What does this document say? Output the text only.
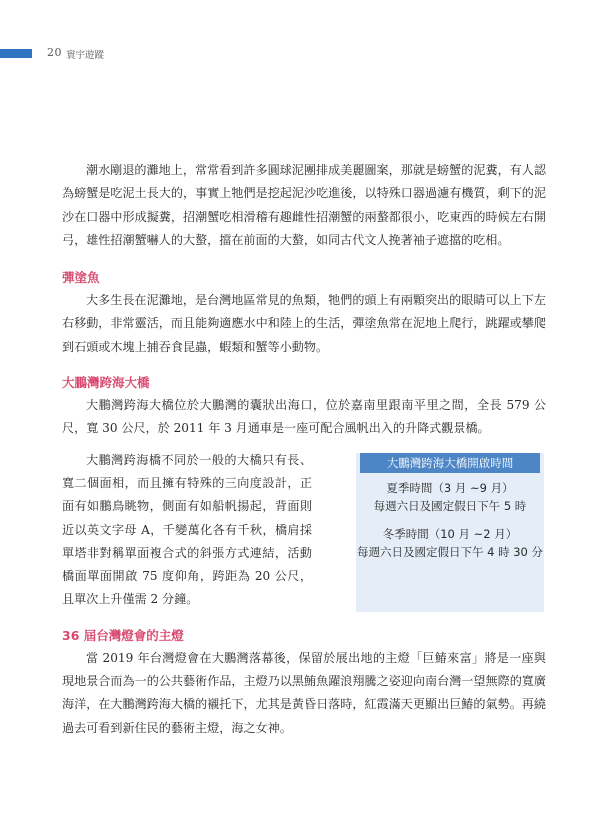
20 寰宇遊蹤

潮水剛退的灘地上，常常看到許多圓球泥團排成美麗圖案，那就是螃蟹的泥糞，有人認為螃蟹是吃泥土長大的，事實上牠們是挖起泥沙吃進後，以特殊口器過濾有機質，剩下的泥沙在口器中形成擬糞，招潮蟹吃相滑稽有趣雌性招潮蟹的兩螯都很小，吃東西的時候左右開弓，雄性招潮蟹嚇人的大螯，擋在前面的大螯，如同古代文人挽著袖子遮擋的吃相。

彈塗魚

大多生長在泥灘地，是台灣地區常見的魚類，牠們的頭上有兩顆突出的眼睛可以上下左右移動，非常靈活，而且能夠適應水中和陸上的生活，彈塗魚常在泥地上爬行，跳躍或攀爬到石頭或木塊上捕吞食昆蟲，蝦類和蟹等小動物。

大鵬灣跨海大橋

大鵬灣跨海大橋位於大鵬灣的囊狀出海口，位於嘉南里跟南平里之間，全長 579 公尺，寬 30 公尺，於 2011 年 3 月通車是一座可配合風帆出入的升降式觀景橋。

大鵬灣跨海橋不同於一般的大橋只有長、寬二個面相，而且擁有特殊的三向度設計，正面有如鵬鳥眺物，側面有如船帆揚起，背面則近以英文字母 A，千變萬化各有千秋，橋肩採單塔非對稱單面複合式的斜張方式連結，活動橋面單面開啟 75 度仰角，跨距為 20 公尺，且單次上升僅需 2 分鐘。

大鵬灣跨海大橋開啟時間
夏季時間（3 月 ~9 月）
每週六日及國定假日下午 5 時
冬季時間（10 月 ~2 月）
每週六日及國定假日下午 4 時 30 分
36 屆台灣燈會的主燈

當 2019 年台灣燈會在大鵬灣落幕後，保留於展出地的主燈「巨鰆來富」將是一座與現地景合而為一的公共藝術作品，主燈乃以黑鮪魚躍浪翔騰之姿迎向南台灣一望無際的寬廣海洋，在大鵬灣跨海大橋的襯托下，尤其是黃昏日落時，紅霞滿天更顯出巨鰆的氣勢。再繞過去可看到新住民的藝術主燈，海之女神。
